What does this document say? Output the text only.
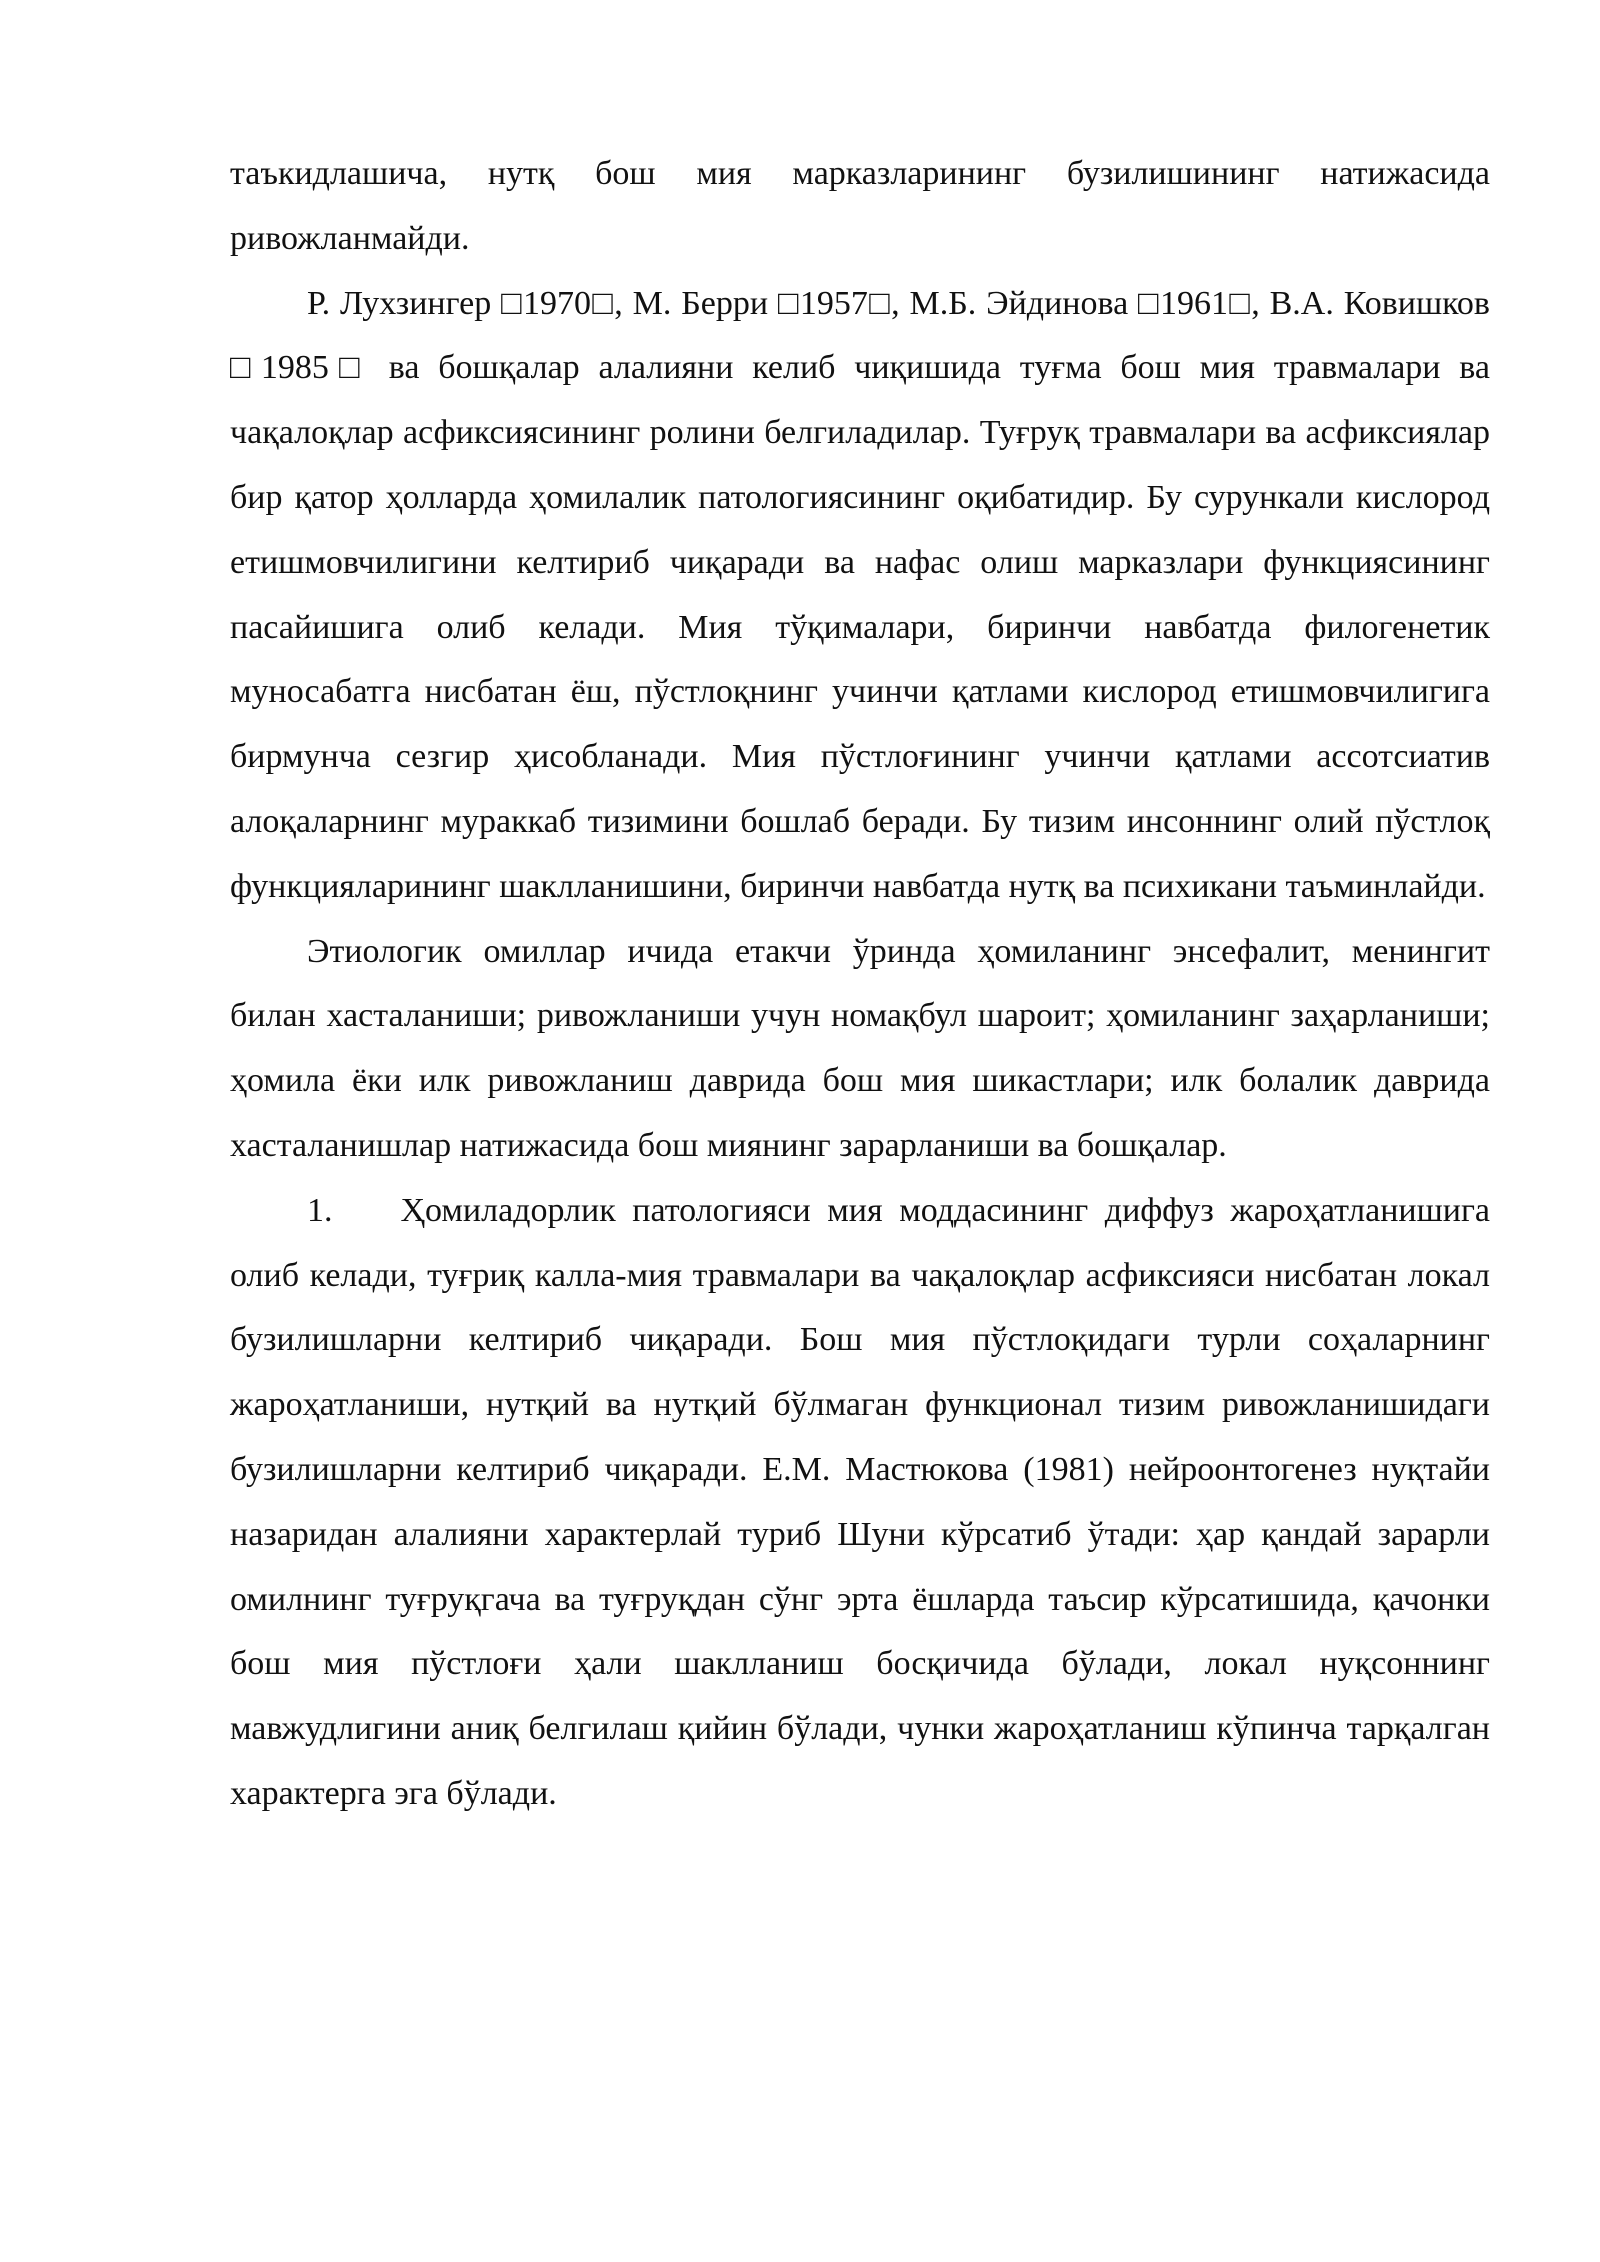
таъкидлашича, нутқ бош мия марказларининг бузилишининг натижасида ривожланмайди.

Р. Лухзингер □1970□, М. Берри □1957□, М.Б. Эйдинова □1961□, В.А. Ковишков □1985□ ва бошқалар алалияни келиб чиқишида туғма бош мия травмалари ва чақалоқлар асфиксиясининг ролини белгиладилар. Туғруқ травмалари ва асфиксиялар бир қатор ҳолларда ҳомилалик патологиясининг оқибатидир. Бу сурункали кислород етишмовчилигини келтириб чиқаради ва нафас олиш марказлари функциясининг пасайишига олиб келади. Мия тўқималари, биринчи навбатда филогенетик муносабатга нисбатан ёш, пўстлоқнинг учинчи қатлами кислород етишмовчилигига бирмунча сезгир ҳисобланади. Мия пўстлоғининг учинчи қатлами ассотсиатив алоқаларнинг мураккаб тизимини бошлаб беради. Бу тизим инсоннинг олий пўстлоқ функцияларининг шаклланишини, биринчи навбатда нутқ ва психикани таъминлайди.

Этиологик омиллар ичида етакчи ўринда ҳомиланинг энсефалит, менингит билан хасталаниши; ривожланиши учун номақбул шароит; ҳомиланинг заҳарланиши; ҳомила ёки илк ривожланиш даврида бош мия шикастлари; илк болалик даврида хасталанишлар натижасида бош миянинг зарарланиши ва бошқалар.

1.  Ҳомиладорлик патологияси мия моддасининг диффуз жароҳатланишига олиб келади, туғриқ калла-мия травмалари ва чақалоқлар асфиксияси нисбатан локал бузилишларни келтириб чиқаради. Бош мия пўстлоқидаги турли соҳаларнинг жароҳатланиши, нутқий ва нутқий бўлмаган функционал тизим ривожланишидаги бузилишларни келтириб чиқаради. Е.М. Мастюкова (1981) нейроонтогенез нуқтайи назаридан алалияни характерлай туриб Шуни кўрсатиб ўтади: ҳар қандай зарарли омилнинг туғруқгача ва туғруқдан сўнг эрта ёшларда таъсир кўрсатишида, қачонки бош мия пўстлоғи ҳали шаклланиш босқичида бўлади, локал нуқсоннинг мавжудлигини аниқ белгилаш қийин бўлади, чунки жароҳатланиш кўпинча тарқалган характерга эга бўлади.
